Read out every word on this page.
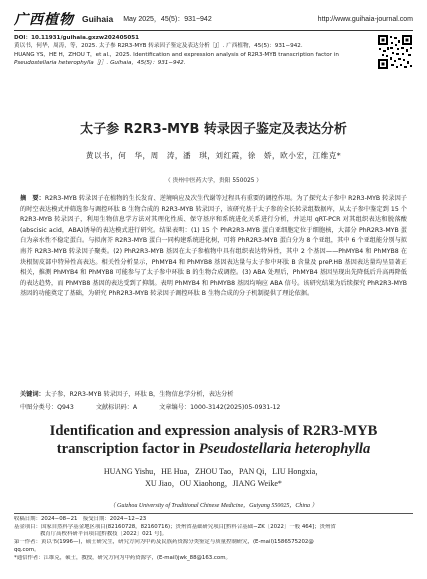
广西植物 Guihaia May 2025，45(5)：931−942	http://www.guihaia-journal.com
DOI：10.11931/guihaia.gxzw202405051
黄以书，何华，周涛，等，2025. 太子参 R2R3-MYB 转录因子鉴定及表达分析［J］. 广西植物，45(5)：931−942.
HUANG YS，HE H，ZHOU T，et al.，2025. Identification and expression analysis of R2R3-MYB transcription factor in
Pseudostellaria heterophylla［J］. Guihaia，45(5)：931−942.
太子参 R2R3-MYB 转录因子鉴定及表达分析
黄以书，何　华，周　涛，潘　琪，刘红霞，徐　娇，欧小宏，江维克*
（ 贵州中医药大学，贵阳 550025 ）
摘　要：R2R3-MYB 转录因子在植物的生长发育、逆境响应及次生代谢等过程具有重要的调控作用。为了探究太子参中 R2R3-MYB 转录因子的时空表达模式并筛选参与调控环肽 B 生物合成的 R2R3-MYB 转录因子，该研究基于太子参的全长转录组数据库，从太子参中鉴定到 15 个 R2R3-MYB 转录因子，利用生物信息学方法对其理化性质、保守基序和系统进化关系进行分析，并运用 qRT-PCR 对其组织表达和脱落酸(abscisic acid，ABA)诱导的表达模式进行研究。结果表明：(1) 15 个 PhR2R3-MYB 蛋白亚细胞定位于细胞核，大部分 PhR2R3-MYB 蛋白为亲水性不稳定蛋白。与拟南芥 R2R3-MYB 蛋白一同构建系统进化树，可将 PhR2R3-MYB 蛋白分为 8 个亚组，其中 6 个亚组能分别与拟南芥 R2R3-MYB 转录因子聚类。(2) PhR2R3-MYB 基因在太子参植物中具有组织表达特异性，其中 2 个基因——PhMYB4 和 PhMYB8 在块根韧皮部中特异性高表达。相关性分析显示，PhMYB4 和 PhMYB8 基因表达量与太子参中环肽 B 含量及 preP.HB 基因表达量均呈显著正相关，推测 PhMYB4 和 PhMYB8 可能参与了太子参中环肽 B 的生物合成调控。(3) ABA 处理后，PhMYB4 基因呈现出先降低后升高再降低的表达趋势，而 PhMYB8 基因的表达受到了抑制。表明 PhMYB4 和 PhMYB8 基因均响应 ABA 信号。该研究结果为后续探究 PhR2R3-MYB 基因的功能奠定了基础，为研究 PhR2R3-MYB 转录因子调控环肽 B 生物合成的分子机制提供了理论依据。
关键词：太子参，R2R3-MYB 转录因子，环肽 B，生物信息学分析，表达分析
中图分类号：Q943	文献标识码：A	文章编号：1000-3142(2025)05-0931-12
Identification and expression analysis of R2R3-MYB
transcription factor in Pseudostellaria heterophylla
HUANG Yishu，HE Hua，ZHOU Tao，PAN Qi，LIU Hongxia，
XU Jiao，OU Xiaohong，JIANG Weike*
（ Guizhou University of Traditional Chinese Medicine，Guiyang 550025，China ）
收稿日期：2024−08−21　接受日期：2024−12−23
基金项目：国家自然科学基金地区项目(82160728，82160716)；贵州省基础研究项目[黔科合基础−ZK［2022］一般 464]；贵州省
教育厅高校科研平台项目[黔教技［2022］021 号]。
第一作者：黄以书(1996—)，硕士研究生，研究方向为中药及民族药资源分类鉴定与质量控制研究，(E-mail)1586575202@
qq.com。
*通信作者：江维克，硕士，教授，研究方向为中药资源学，(E-mail)jwk_88@163.com。
